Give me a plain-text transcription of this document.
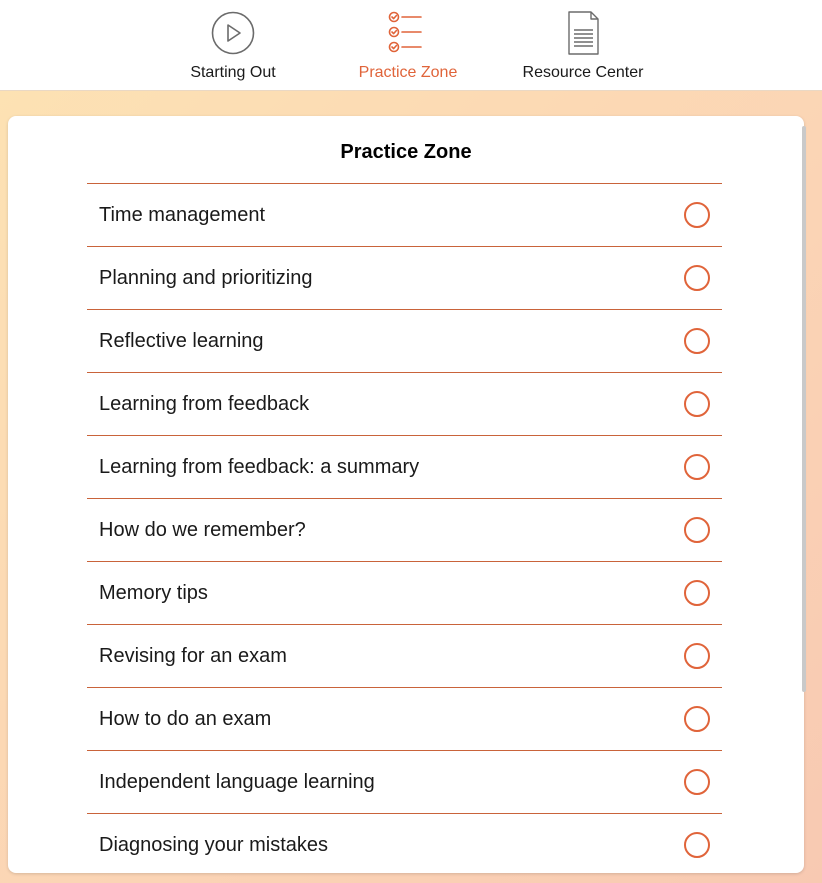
Starting Out	Practice Zone	Resource Center
Practice Zone
Time management
Planning and prioritizing
Reflective learning
Learning from feedback
Learning from feedback: a summary
How do we remember?
Memory tips
Revising for an exam
How to do an exam
Independent language learning
Diagnosing your mistakes
